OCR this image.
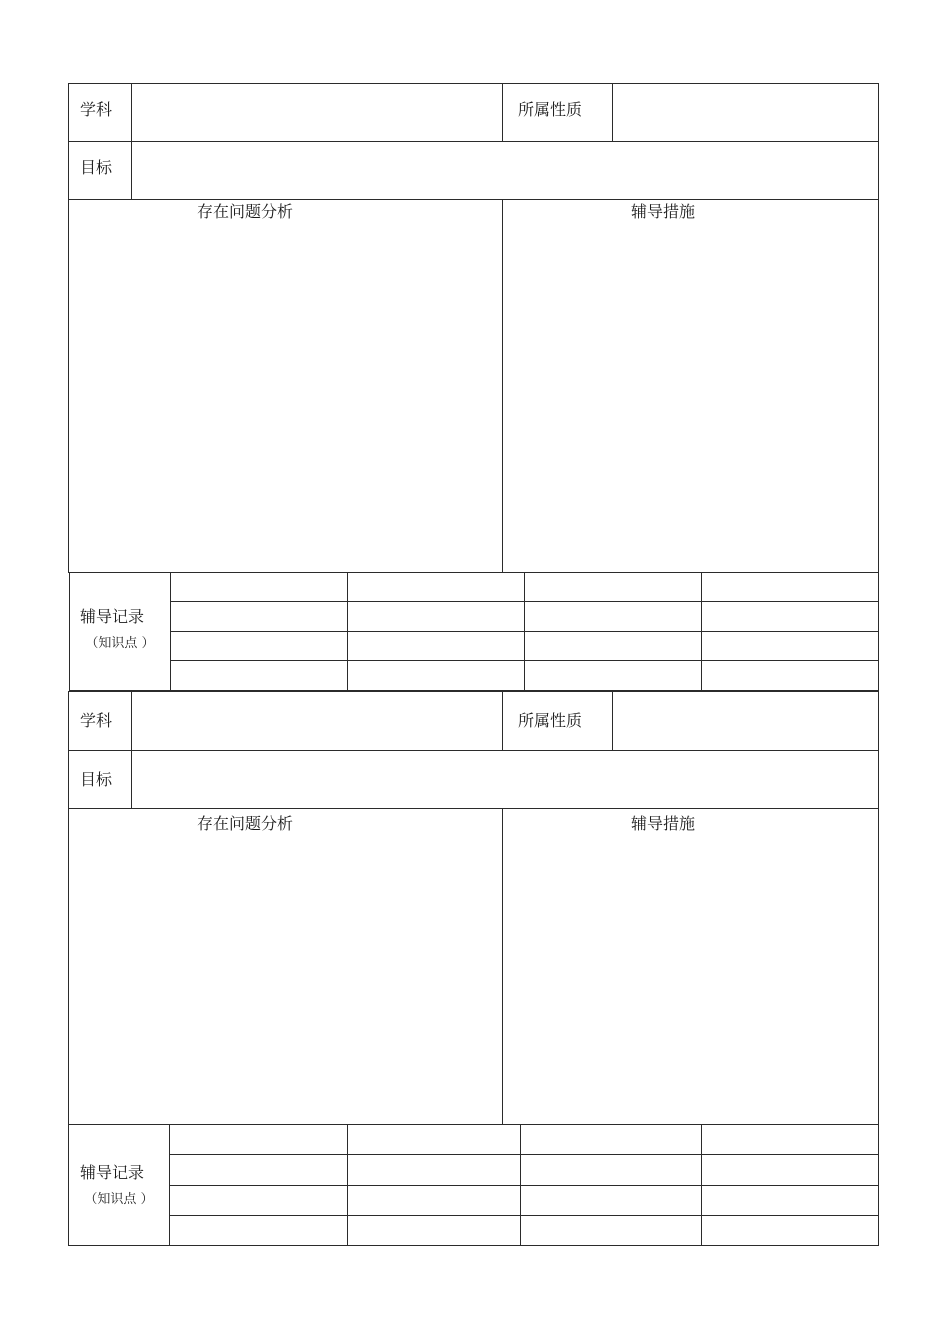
学科	所属性质
目标
存在问题分析	辅导措施
辅导记录
（知识点 ）
学科	所属性质
目标
存在问题分析	辅导措施
辅导记录
（知识点 ）
